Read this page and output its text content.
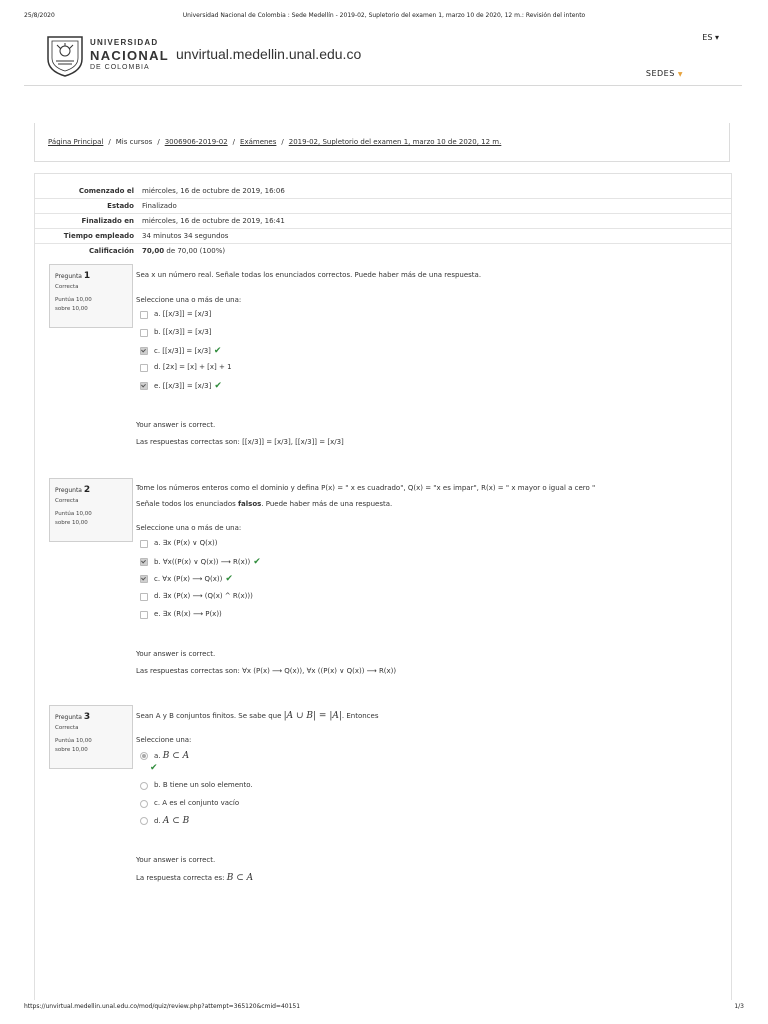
25/8/2020	Universidad Nacional de Colombia : Sede Medellín - 2019-02, Supletorio del examen 1, marzo 10 de 2020, 12 m.: Revisión del intento
UNIVERSIDAD
NACIONAL
DE COLOMBIA
unvirtual.medellin.unal.edu.co
ES ▾
SEDES ▼
Página Principal / Mis cursos / 3006906-2019-02 / Exámenes / 2019-02, Supletorio del examen 1, marzo 10 de 2020, 12 m.
Comenzado el miércoles, 16 de octubre de 2019, 16:06
Estado Finalizado
Finalizado en miércoles, 16 de octubre de 2019, 16:41
Tiempo empleado 34 minutos 34 segundos
Calificación 70,00 de 70,00 (100%)
Pregunta 1
Correcta
Puntúa 10,00
sobre 10,00
Sea x un número real. Señale todas los enunciados correctos. Puede haber más de una respuesta.
Seleccione una o más de una:
a. [[x/3]] = [x/3]
b. [[x/3]] = [x/3]
c. [[x/3]] = [x/3] ✔
d. [2x] = [x] + [x] + 1
e. [[x/3]] = [x/3] ✔
Your answer is correct.
Las respuestas correctas son: [[x/3]] = [x/3], [[x/3]] = [x/3]
Pregunta 2
Correcta
Puntúa 10,00
sobre 10,00
Tome los números enteros como el dominio y defina P(x) = " x es cuadrado", Q(x) = "x es impar", R(x) = " x mayor o igual a cero "
Señale todos los enunciados falsos. Puede haber más de una respuesta.
Seleccione una o más de una:
a. ∃x (P(x) ∨ Q(x))
b. ∀x((P(x) ∨ Q(x)) ⟶ R(x)) ✔
c. ∀x (P(x) ⟶ Q(x)) ✔
d. ∃x (P(x) ⟶ (Q(x) ^ R(x)))
e. ∃x (R(x) ⟶ P(x))
Your answer is correct.
Las respuestas correctas son: ∀x (P(x) ⟶ Q(x)), ∀x ((P(x) ∨ Q(x)) ⟶ R(x))
Pregunta 3
Correcta
Puntúa 10,00
sobre 10,00
Sean A y B conjuntos finitos. Se sabe que |A ∪ B| = |A|. Entonces
Seleccione una:
a. B ⊂ A
✔
b. B tiene un solo elemento.
c. A es el conjunto vacío
d. A ⊂ B
Your answer is correct.
La respuesta correcta es: B ⊂ A
https://unvirtual.medellin.unal.edu.co/mod/quiz/review.php?attempt=365120&cmid=40151	1/3
